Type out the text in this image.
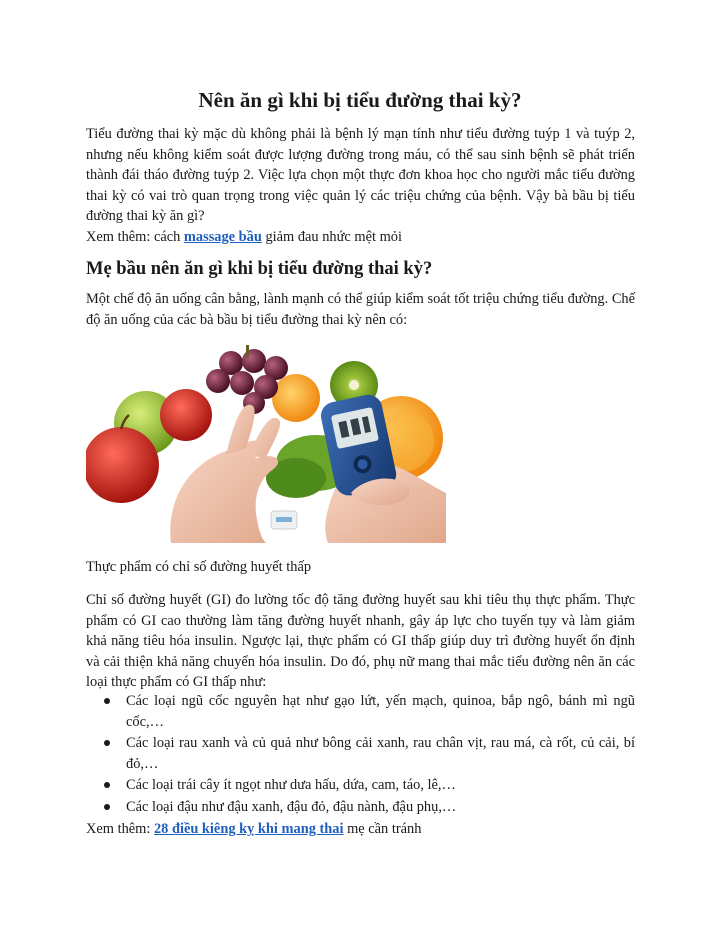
Nên ăn gì khi bị tiểu đường thai kỳ?

Tiểu đường thai kỳ mặc dù không phải là bệnh lý mạn tính như tiểu đường tuýp 1 và tuýp 2, nhưng nếu không kiểm soát được lượng đường trong máu, có thể sau sinh bệnh sẽ phát triển thành đái tháo đường tuýp 2. Việc lựa chọn một thực đơn khoa học cho người mắc tiểu đường thai kỳ có vai trò quan trọng trong việc quản lý các triệu chứng của bệnh. Vậy bà bầu bị tiểu đường thai kỳ ăn gì?

Xem thêm: cách massage bầu giảm đau nhức mệt mỏi

Mẹ bầu nên ăn gì khi bị tiểu đường thai kỳ?

Một chế độ ăn uống cân bằng, lành mạnh có thể giúp kiểm soát tốt triệu chứng tiểu đường. Chế độ ăn uống của các bà bầu bị tiểu đường thai kỳ nên có:

Thực phẩm có chỉ số đường huyết thấp

Chỉ số đường huyết (GI) đo lường tốc độ tăng đường huyết sau khi tiêu thụ thực phẩm. Thực phẩm có GI cao thường làm tăng đường huyết nhanh, gây áp lực cho tuyến tụy và làm giảm khả năng tiêu hóa insulin. Ngược lại, thực phẩm có GI thấp giúp duy trì đường huyết ổn định và cải thiện khả năng chuyển hóa insulin. Do đó, phụ nữ mang thai mắc tiểu đường nên ăn các loại thực phẩm có GI thấp như:

Các loại ngũ cốc nguyên hạt như gạo lứt, yến mạch, quinoa, bắp ngô, bánh mì ngũ cốc,…
Các loại rau xanh và củ quả như bông cải xanh, rau chân vịt, rau má, cà rốt, củ cải, bí đỏ,…
Các loại trái cây ít ngọt như dưa hấu, dứa, cam, táo, lê,…
Các loại đậu như đậu xanh, đậu đỏ, đậu nành, đậu phụ,…

Xem thêm: 28 điều kiêng kỵ khi mang thai mẹ cần tránh
